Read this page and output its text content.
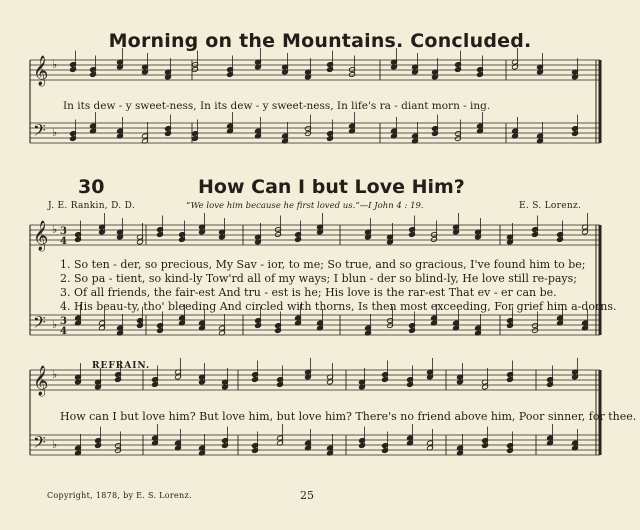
Morning on the Mountains. Concluded.
𝄞 ♭
𝄢 ♭
In its dew - y sweet-ness, In its dew - y sweet-ness, In life's ra - diant morn - ing.
30	How Can I but Love Him?
J. E. Rankin, D. D.	“We love him because he first loved us.”—I John 4 : 19.	E. S. Lorenz.
𝄞 ♭ 3
4
𝄢 ♭ 3
4
1. So ten - der, so precious, My Sav - ior, to me; So true, and so gracious, I've found him to be;
2. So pa - tient, so kind-ly Tow'rd all of my ways; I blun - der so blind-ly, He love still re-pays;
3. Of all friends, the fair-est And tru - est is he; His love is the rar-est That ev - er can be.
4. His beau-ty, tho' bleeding And circled with thorns, Is then most exceeding, For grief him a-dorns.
REFRAIN.
𝄞 ♭
𝄢 ♭
How can I but love him? But love him, but love him? There's no friend above him, Poor sinner, for thee.
Copyright, 1878, by E. S. Lorenz.	25
